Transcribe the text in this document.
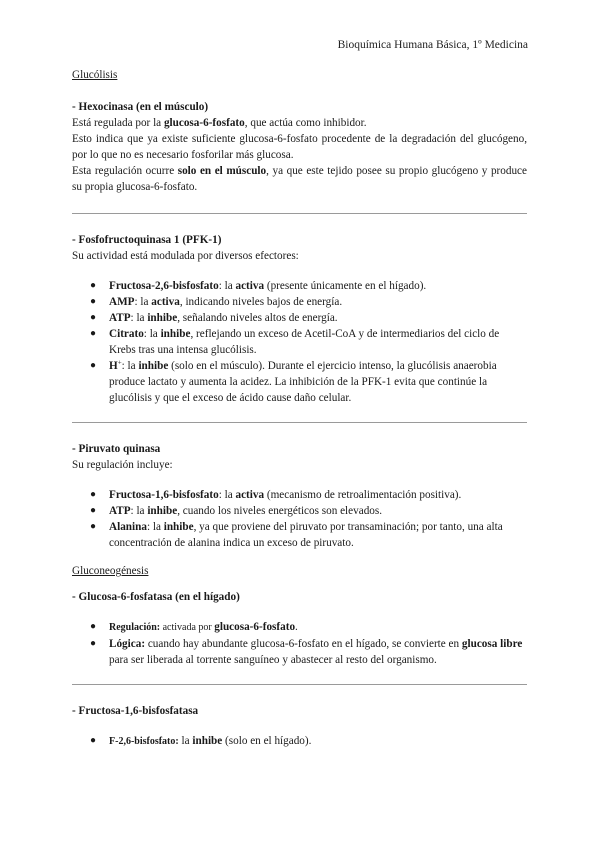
Bioquímica Humana Básica, 1º Medicina

Glucólisis

- Hexocinasa (en el músculo)

Está regulada por la glucosa-6-fosfato, que actúa como inhibidor.

Esto indica que ya existe suficiente glucosa-6-fosfato procedente de la degradación del glucógeno, por lo que no es necesario fosforilar más glucosa.

Esta regulación ocurre solo en el músculo, ya que este tejido posee su propio glucógeno y produce su propia glucosa-6-fosfato.

- Fosfofructoquinasa 1 (PFK-1)

Su actividad está modulada por diversos efectores:

● Fructosa-2,6-bisfosfato: la activa (presente únicamente en el hígado).
● AMP: la activa, indicando niveles bajos de energía.
● ATP: la inhibe, señalando niveles altos de energía.
● Citrato: la inhibe, reflejando un exceso de Acetil-CoA y de intermediarios del ciclo de Krebs tras una intensa glucólisis.
● H+: la inhibe (solo en el músculo). Durante el ejercicio intenso, la glucólisis anaerobia produce lactato y aumenta la acidez. La inhibición de la PFK-1 evita que continúe la glucólisis y que el exceso de ácido cause daño celular.

- Piruvato quinasa

Su regulación incluye:

● Fructosa-1,6-bisfosfato: la activa (mecanismo de retroalimentación positiva).
● ATP: la inhibe, cuando los niveles energéticos son elevados.
● Alanina: la inhibe, ya que proviene del piruvato por transaminación; por tanto, una alta concentración de alanina indica un exceso de piruvato.

Gluconeogénesis

- Glucosa-6-fosfatasa (en el hígado)

● Regulación: activada por glucosa-6-fosfato.
● Lógica: cuando hay abundante glucosa-6-fosfato en el hígado, se convierte en glucosa libre para ser liberada al torrente sanguíneo y abastecer al resto del organismo.

- Fructosa-1,6-bisfosfatasa

● F-2,6-bisfosfato: la inhibe (solo en el hígado).
